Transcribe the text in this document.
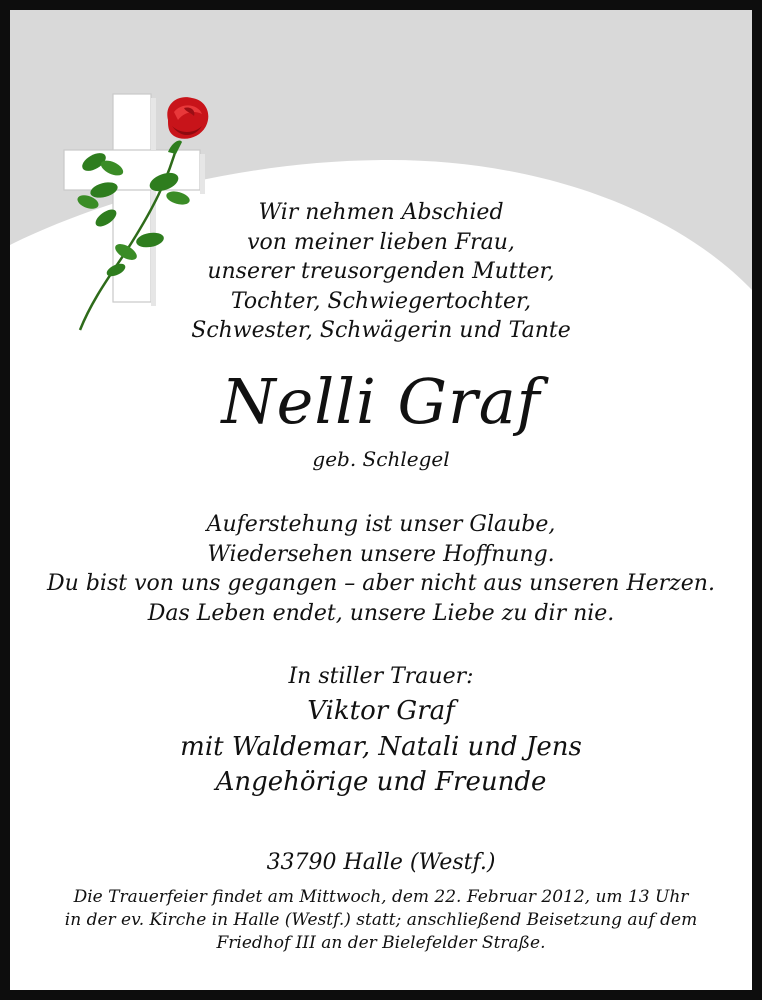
Wir nehmen Abschied
von meiner lieben Frau,
unserer treusorgenden Mutter,
Tochter, Schwiegertochter,
Schwester, Schwägerin und Tante
Nelli Graf
geb. Schlegel
Auferstehung ist unser Glaube,
Wiedersehen unsere Hoffnung.
Du bist von uns gegangen – aber nicht aus unseren Herzen.
Das Leben endet, unsere Liebe zu dir nie.
In stiller Trauer:
Viktor Graf
mit Waldemar, Natali und Jens
Angehörige und Freunde
33790 Halle (Westf.)
Die Trauerfeier findet am Mittwoch, dem 22. Februar 2012, um 13 Uhr
in der ev. Kirche in Halle (Westf.) statt; anschließend Beisetzung auf dem
Friedhof III an der Bielefelder Straße.
